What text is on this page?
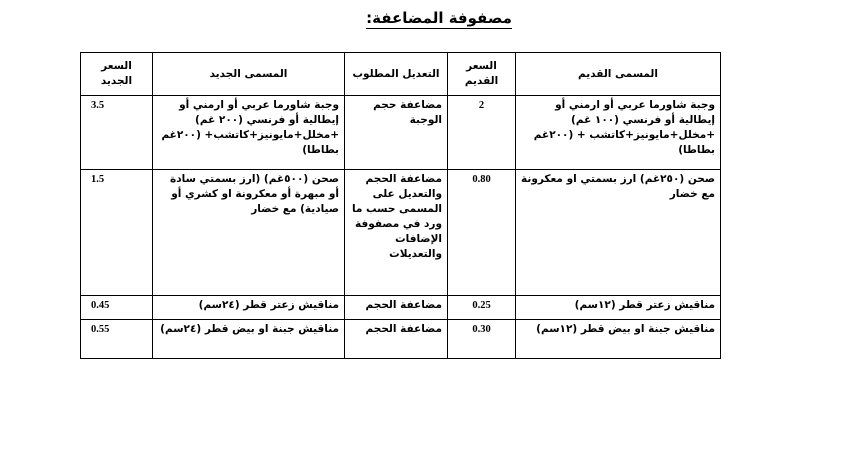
مصفوفة المضاعفة:
المسمى القديم	السعر القديم	التعديل المطلوب	المسمى الجديد	السعر الجديد
وجبة شاورما عربي أو ارمني أو إيطالية أو فرنسي (١٠٠ غم) +مخلل+مايونيز+كاتشب + (٢٠٠غم بطاطا)	2	مضاعفة حجم الوجبة	وجبة شاورما عربي أو ارمني أو إيطالية أو فرنسي (٢٠٠ غم) +مخلل+مايونيز+كاتشب+ (٢٠٠غم بطاطا)	3.5
صحن (٢٥٠غم) ارز بسمتي او معكرونة مع خضار	0.80	مضاعفة الحجم والتعديل على المسمى حسب ما ورد في مصفوفة الإضافات والتعديلات	صحن (٥٠٠غم) (ارز بسمتي سادة أو مبهرة أو معكرونة او كشري أو صيادية) مع خضار	1.5
مناقيش زعتر قطر (١٢سم)	0.25	مضاعفة الحجم	مناقيش زعتر قطر (٢٤سم)	0.45
مناقيش جبنة او بيض قطر (١٢سم)	0.30	مضاعفة الحجم	مناقيش جبنة او بيض قطر (٢٤سم)	0.55
